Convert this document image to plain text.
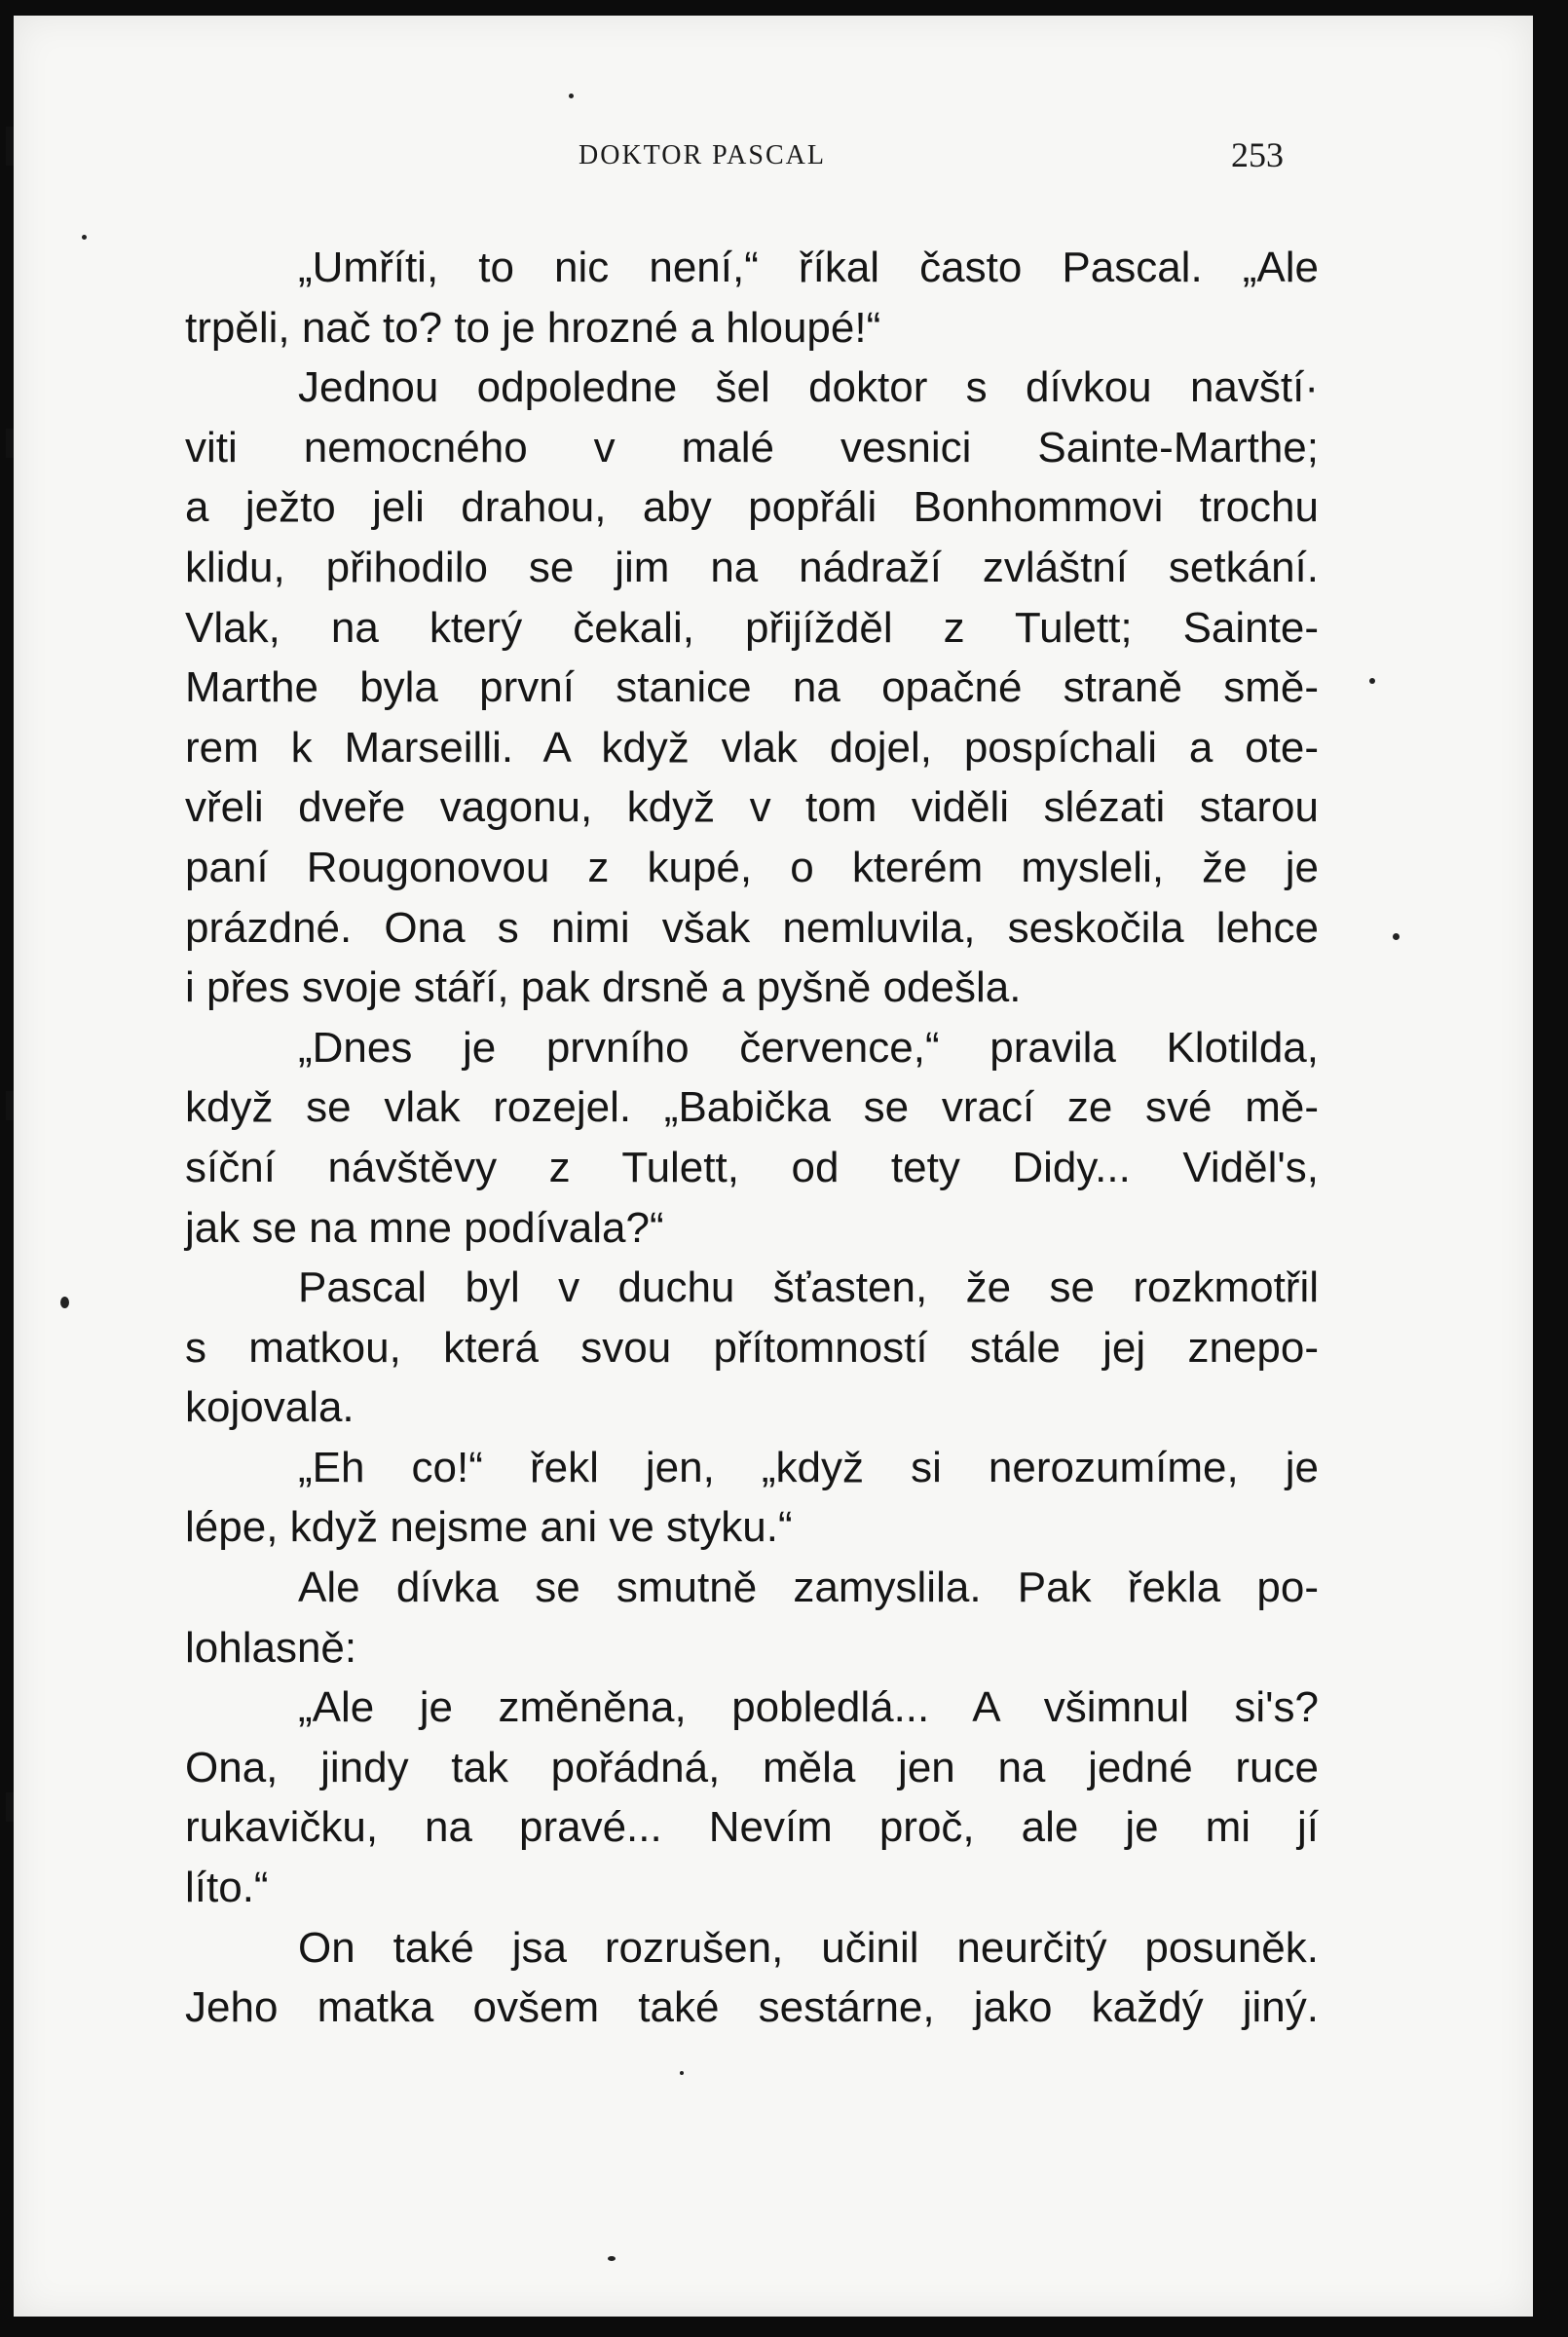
DOKTOR PASCAL	253
„Umříti, to nic není,“ říkal často Pascal. „Ale
trpěli, nač to? to je hrozné a hloupé!“
Jednou odpoledne šel doktor s dívkou navští·
viti nemocného v malé vesnici Sainte-Marthe;
a ježto jeli drahou, aby popřáli Bonhommovi trochu
klidu, přihodilo se jim na nádraží zvláštní setkání.
Vlak, na který čekali, přijížděl z Tulett; Sainte-
Marthe byla první stanice na opačné straně smě-
rem k Marseilli. A když vlak dojel, pospíchali a ote-
vřeli dveře vagonu, když v tom viděli slézati starou
paní Rougonovou z kupé, o kterém mysleli, že je
prázdné. Ona s nimi však nemluvila, seskočila lehce
i přes svoje stáří, pak drsně a pyšně odešla.
„Dnes je prvního července,“ pravila Klotilda,
když se vlak rozejel. „Babička se vrací ze své mě-
síční návštěvy z Tulett, od tety Didy... Viděl's,
jak se na mne podívala?“
Pascal byl v duchu šťasten, že se rozkmotřil
s matkou, která svou přítomností stále jej znepo-
kojovala.
„Eh co!“ řekl jen, „když si nerozumíme, je
lépe, když nejsme ani ve styku.“
Ale dívka se smutně zamyslila. Pak řekla po-
lohlasně:
„Ale je změněna, pobledlá... A všimnul si's?
Ona, jindy tak pořádná, měla jen na jedné ruce
rukavičku, na pravé... Nevím proč, ale je mi jí
líto.“
On také jsa rozrušen, učinil neurčitý posuněk.
Jeho matka ovšem také sestárne, jako každý jiný.
